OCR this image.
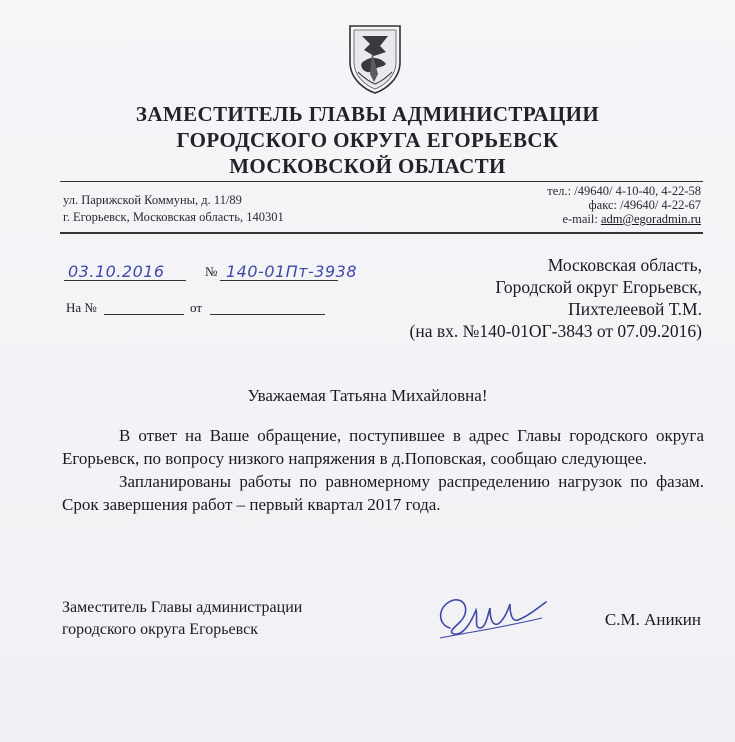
ЗАМЕСТИТЕЛЬ ГЛАВЫ АДМИНИСТРАЦИИ
ГОРОДСКОГО ОКРУГА ЕГОРЬЕВСК
МОСКОВСКОЙ ОБЛАСТИ
ул. Парижской Коммуны, д. 11/89
г. Егорьевск, Московская область, 140301
тел.: /49640/ 4-10-40, 4-22-58
факс: /49640/ 4-22-67
e-mail: adm@egoradmin.ru
03.10.2016	№ 140-01Пт-3938
На №	от
Московская область,
Городской округ Егорьевск,
Пихтелеевой Т.М.
(на вх. №140-01ОГ-3843 от 07.09.2016)
Уважаемая Татьяна Михайловна!

В ответ на Ваше обращение, поступившее в адрес Главы городского округа Егорьевск, по вопросу низкого напряжения в д.Поповская, сообщаю следующее.

Запланированы работы по равномерному распределению нагрузок по фазам. Срок завершения работ – первый квартал 2017 года.

Заместитель Главы администрации
городского округа Егорьевск
С.М. Аникин
